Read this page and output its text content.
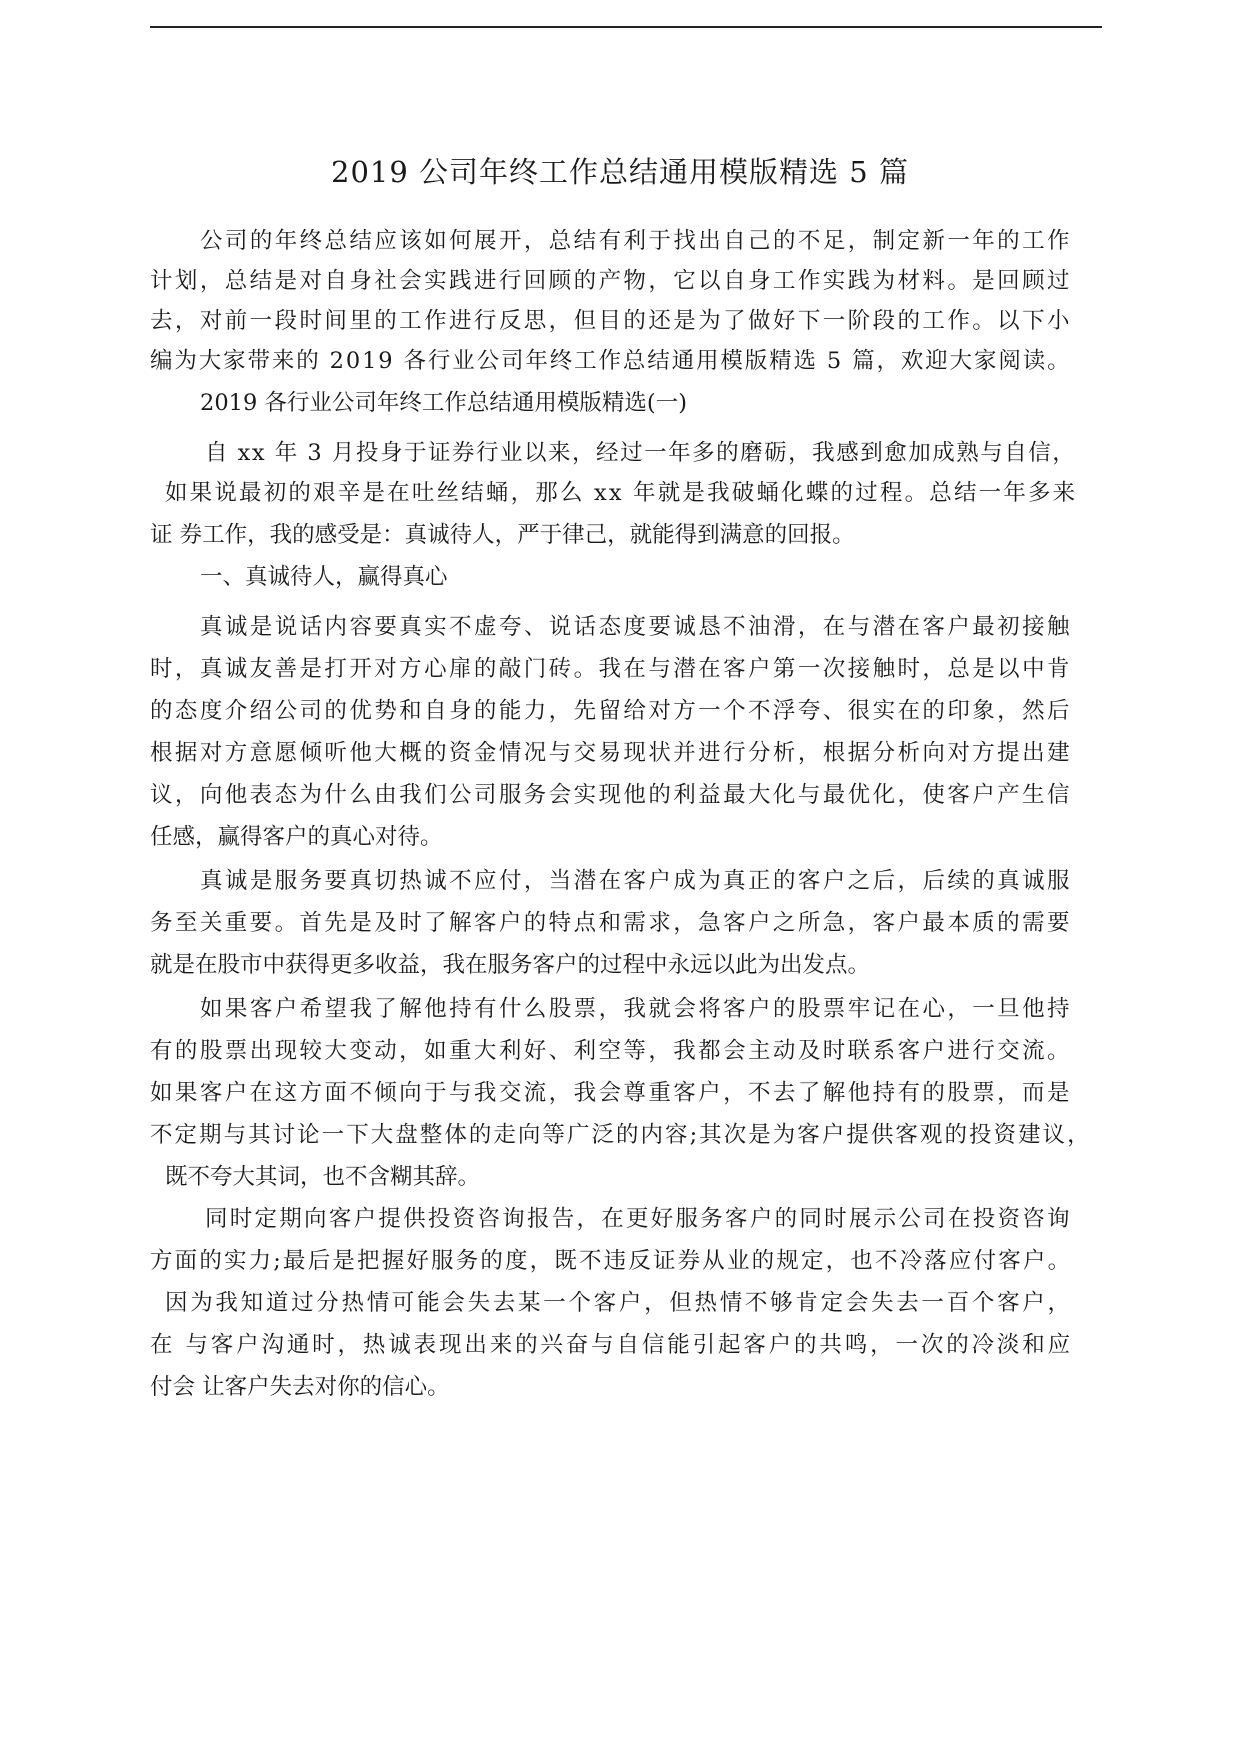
2019 公司年终工作总结通用模版精选 5 篇
公司的年终总结应该如何展开，总结有利于找出自己的不足，制定新一年的工作
计划，总结是对自身社会实践进行回顾的产物，它以自身工作实践为材料。是回顾过
去，对前一段时间里的工作进行反思，但目的还是为了做好下一阶段的工作。以下小
编为大家带来的 2019 各行业公司年终工作总结通用模版精选 5 篇，欢迎大家阅读。
2019 各行业公司年终工作总结通用模版精选(一)
自 xx 年 3 月投身于证券行业以来，经过一年多的磨砺，我感到愈加成熟与自信，
如果说最初的艰辛是在吐丝结蛹，那么 xx 年就是我破蛹化蝶的过程。总结一年多来
证 券工作，我的感受是：真诚待人，严于律己，就能得到满意的回报。
一、真诚待人，赢得真心
真诚是说话内容要真实不虚夸、说话态度要诚恳不油滑，在与潜在客户最初接触
时，真诚友善是打开对方心扉的敲门砖。我在与潜在客户第一次接触时，总是以中肯
的态度介绍公司的优势和自身的能力，先留给对方一个不浮夸、很实在的印象，然后
根据对方意愿倾听他大概的资金情况与交易现状并进行分析，根据分析向对方提出建
议，向他表态为什么由我们公司服务会实现他的利益最大化与最优化，使客户产生信
任感，赢得客户的真心对待。
真诚是服务要真切热诚不应付，当潜在客户成为真正的客户之后，后续的真诚服
务至关重要。首先是及时了解客户的特点和需求，急客户之所急，客户最本质的需要
就是在股市中获得更多收益，我在服务客户的过程中永远以此为出发点。
如果客户希望我了解他持有什么股票，我就会将客户的股票牢记在心，一旦他持
有的股票出现较大变动，如重大利好、利空等，我都会主动及时联系客户进行交流。
如果客户在这方面不倾向于与我交流，我会尊重客户，不去了解他持有的股票，而是
不定期与其讨论一下大盘整体的走向等广泛的内容;其次是为客户提供客观的投资建议，
既不夸大其词，也不含糊其辞。
同时定期向客户提供投资咨询报告，在更好服务客户的同时展示公司在投资咨询
方面的实力;最后是把握好服务的度，既不违反证券从业的规定，也不冷落应付客户。
因为我知道过分热情可能会失去某一个客户，但热情不够肯定会失去一百个客户，
在 与客户沟通时，热诚表现出来的兴奋与自信能引起客户的共鸣，一次的冷淡和应
付会 让客户失去对你的信心。
